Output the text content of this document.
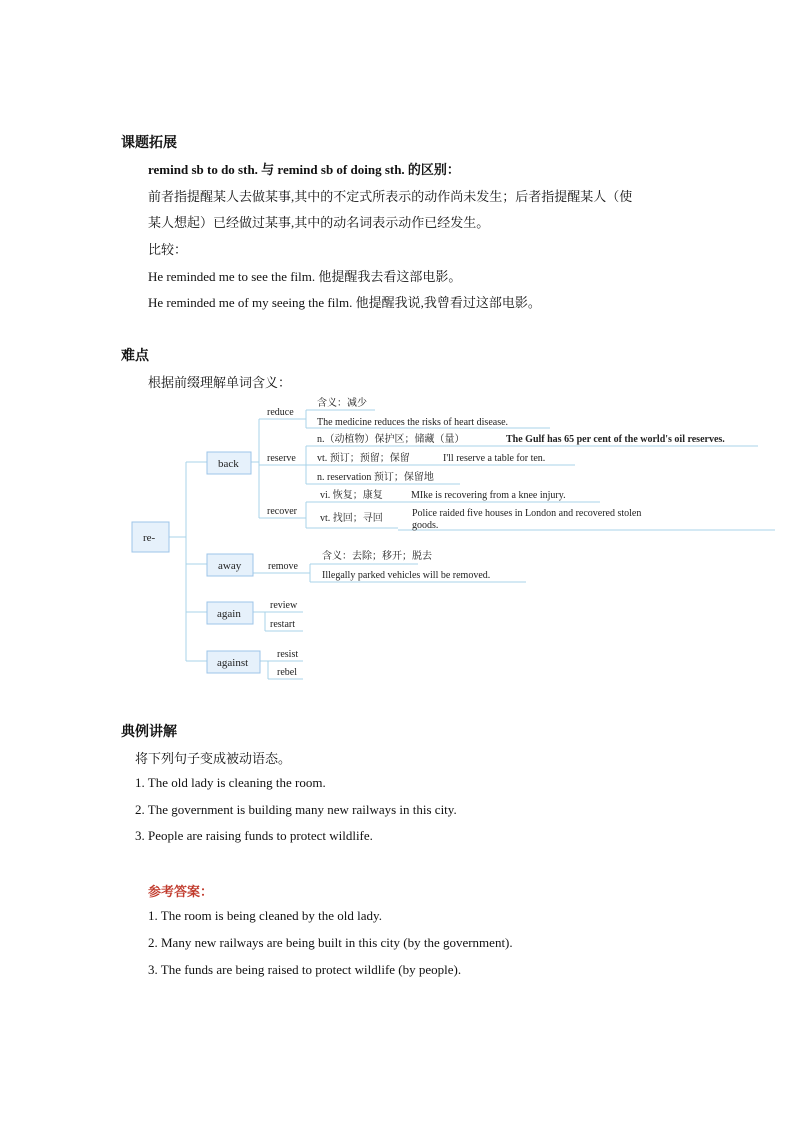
课题拓展
remind sb to do sth. 与 remind sb of doing sth. 的区别：
前者指提醒某人去做某事,其中的不定式所表示的动作尚未发生；后者指提醒某人（使
某人想起）已经做过某事,其中的动名词表示动作已经发生。
比较：
He reminded me to see the film. 他提醒我去看这部电影。
He reminded me of my seeing the film. 他提醒我说,我曾看过这部电影。
难点
根据前缀理解单词含义：
re-
back
away
again
against
reduce
reserve
recover
remove
review
restart
resist
rebel
含义：减少
The medicine reduces the risks of heart disease.
n.（动植物）保护区；储藏（量）	The Gulf has 65 per cent of the world's oil reserves.
vt. 预订；预留；保留	I'll reserve a table for ten.
n. reservation 预订；保留地
vi. 恢复；康复	MIke is recovering from a knee injury.
vt. 找回；寻回	Police raided five houses in London and recovered stolen
goods.
含义：去除；移开；脱去
Illegally parked vehicles will be removed.
典例讲解
将下列句子变成被动语态。
1. The old lady is cleaning the room.
2. The government is building many new railways in this city.
3. People are raising funds to protect wildlife.
参考答案：
1. The room is being cleaned by the old lady.
2. Many new railways are being built in this city (by the government).
3. The funds are being raised to protect wildlife (by people).
